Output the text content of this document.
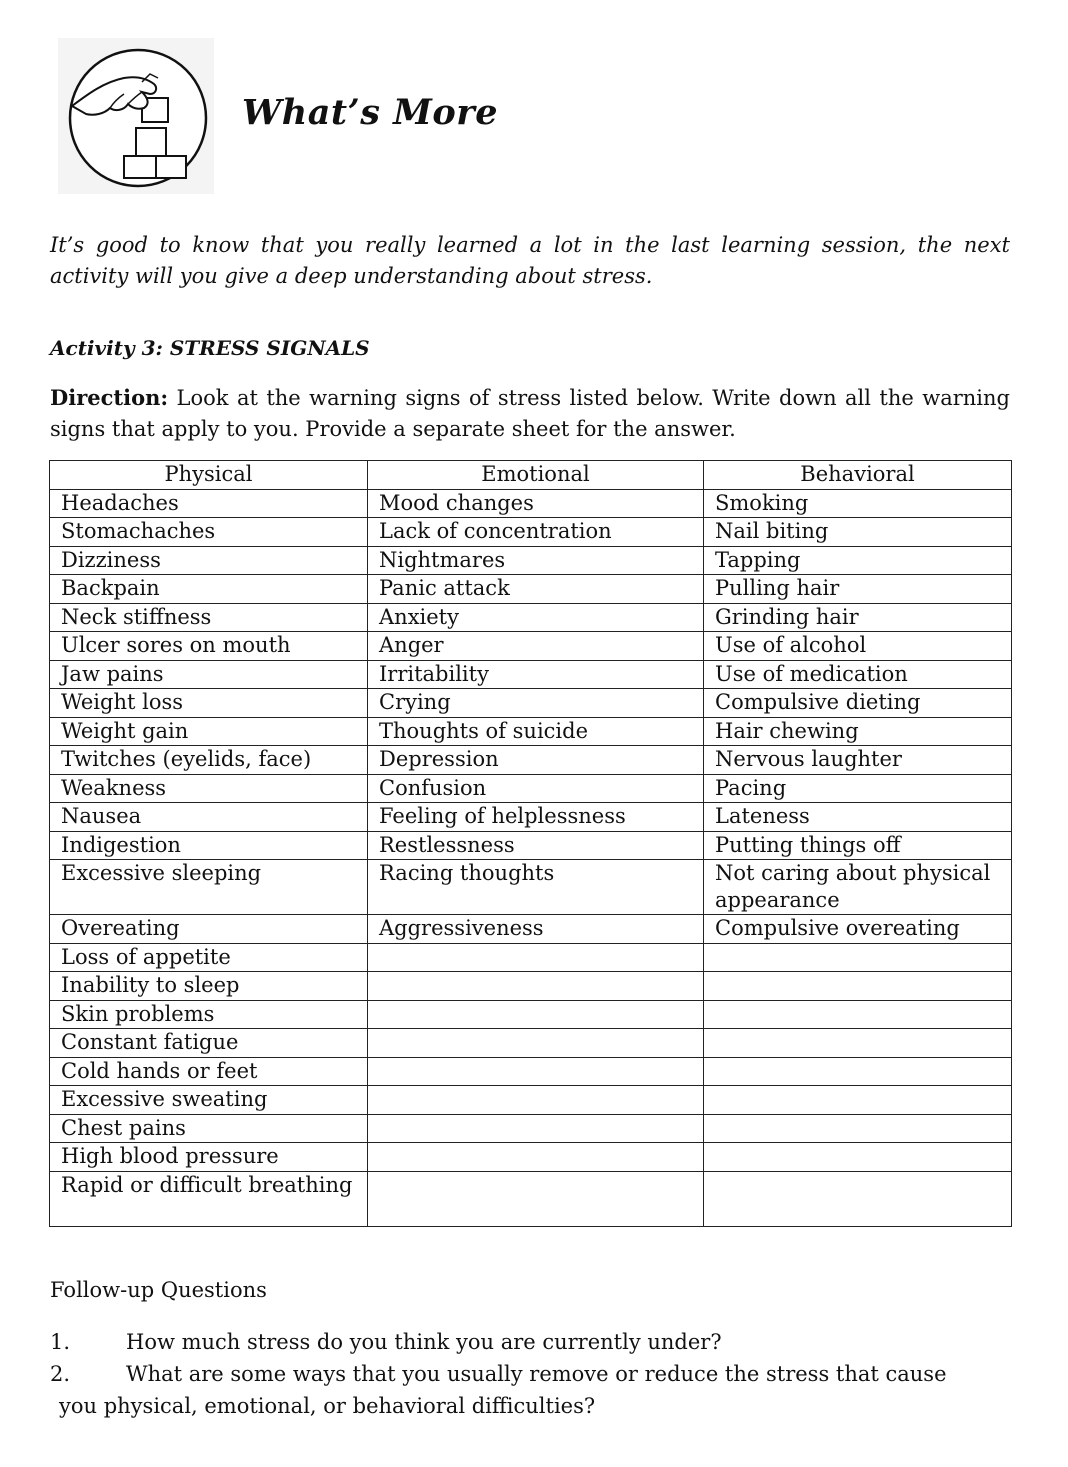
What’s More
It’s good to know that you really learned a lot in the last learning session, the next activity will you give a deep understanding about stress.
Activity 3: STRESS SIGNALS
Direction: Look at the warning signs of stress listed below. Write down all the warning signs that apply to you. Provide a separate sheet for the answer.
Physical	Emotional	Behavioral
Headaches	Mood changes	Smoking
Stomachaches	Lack of concentration	Nail biting
Dizziness	Nightmares	Tapping
Backpain	Panic attack	Pulling hair
Neck stiffness	Anxiety	Grinding hair
Ulcer sores on mouth	Anger	Use of alcohol
Jaw pains	Irritability	Use of medication
Weight loss	Crying	Compulsive dieting
Weight gain	Thoughts of suicide	Hair chewing
Twitches (eyelids, face)	Depression	Nervous laughter
Weakness	Confusion	Pacing
Nausea	Feeling of helplessness	Lateness
Indigestion	Restlessness	Putting things off
Excessive sleeping	Racing thoughts	Not caring about physical appearance
Overeating	Aggressiveness	Compulsive overeating
Loss of appetite		
Inability to sleep		
Skin problems		
Constant fatigue		
Cold hands or feet		
Excessive sweating		
Chest pains		
High blood pressure		
Rapid or difficult breathing		
Follow-up Questions
1.	How much stress do you think you are currently under?
2.	What are some ways that you usually remove or reduce the stress that cause
you physical, emotional, or behavioral difficulties?
